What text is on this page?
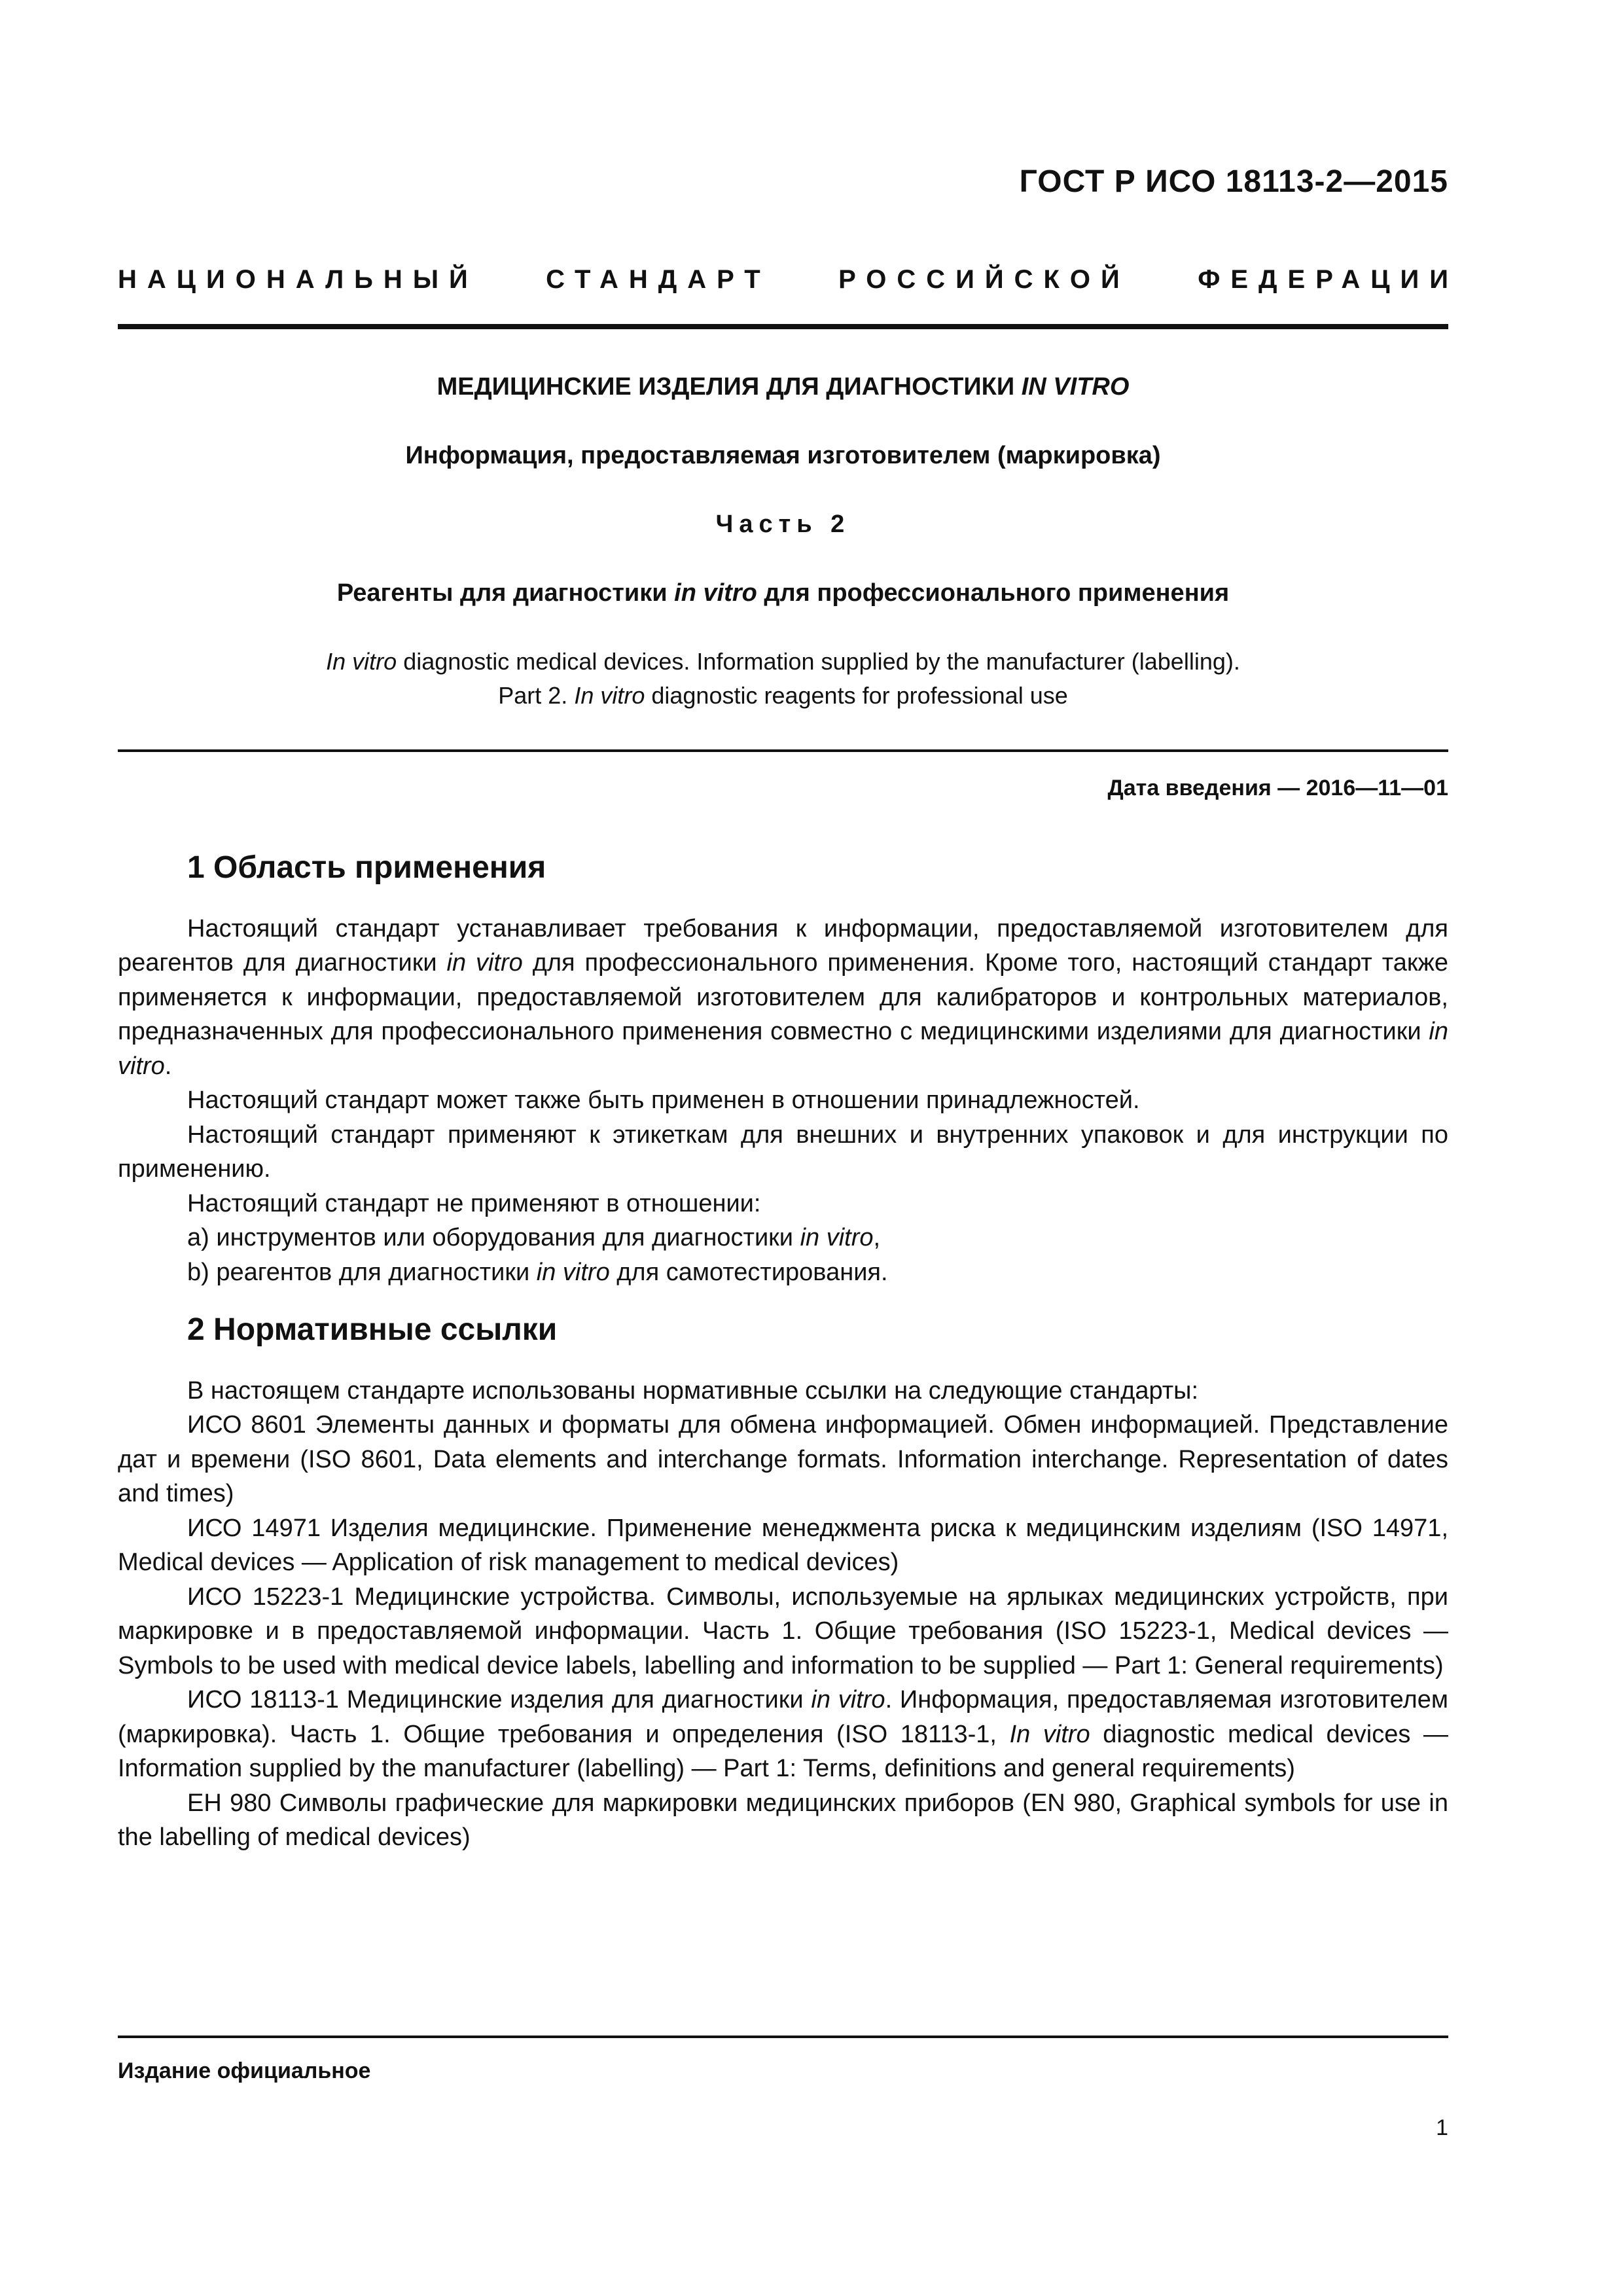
ГОСТ Р ИСО 18113-2—2015
НАЦИОНАЛЬНЫЙ	СТАНДАРТ	РОССИЙСКОЙ	ФЕДЕРАЦИИ
МЕДИЦИНСКИЕ ИЗДЕЛИЯ ДЛЯ ДИАГНОСТИКИ IN VITRO
Информация, предоставляемая изготовителем (маркировка)
Часть 2
Реагенты для диагностики in vitro для профессионального применения
In vitro diagnostic medical devices. Information supplied by the manufacturer (labelling).
Part 2. In vitro diagnostic reagents for professional use
Дата введения — 2016—11—01
1 Область применения

Настоящий стандарт устанавливает требования к информации, предоставляемой изготовителем для реагентов для диагностики in vitro для профессионального применения. Кроме того, настоящий стандарт также применяется к информации, предоставляемой изготовителем для калибраторов и контрольных материалов, предназначенных для профессионального применения совместно с медицинскими изделиями для диагностики in vitro.

Настоящий стандарт может также быть применен в отношении принадлежностей.

Настоящий стандарт применяют к этикеткам для внешних и внутренних упаковок и для инструкции по применению.

Настоящий стандарт не применяют в отношении:

a) инструментов или оборудования для диагностики in vitro,

b) реагентов для диагностики in vitro для самотестирования.

2 Нормативные ссылки

В настоящем стандарте использованы нормативные ссылки на следующие стандарты:

ИСО 8601 Элементы данных и форматы для обмена информацией. Обмен информацией. Представление дат и времени (ISO 8601, Data elements and interchange formats. Information interchange. Representation of dates and times)

ИСО 14971 Изделия медицинские. Применение менеджмента риска к медицинским изделиям (ISO 14971, Medical devices — Application of risk management to medical devices)

ИСО 15223-1 Медицинские устройства. Символы, используемые на ярлыках медицинских устройств, при маркировке и в предоставляемой информации. Часть 1. Общие требования (ISO 15223-1, Medical devices — Symbols to be used with medical device labels, labelling and information to be supplied — Part 1: General requirements)

ИСО 18113-1 Медицинские изделия для диагностики in vitro. Информация, предоставляемая изготовителем (маркировка). Часть 1. Общие требования и определения (ISO 18113-1, In vitro diagnostic medical devices — Information supplied by the manufacturer (labelling) — Part 1: Terms, definitions and general requirements)

ЕН 980 Символы графические для маркировки медицинских приборов (EN 980, Graphical symbols for use in the labelling of medical devices)

Издание официальное
1
